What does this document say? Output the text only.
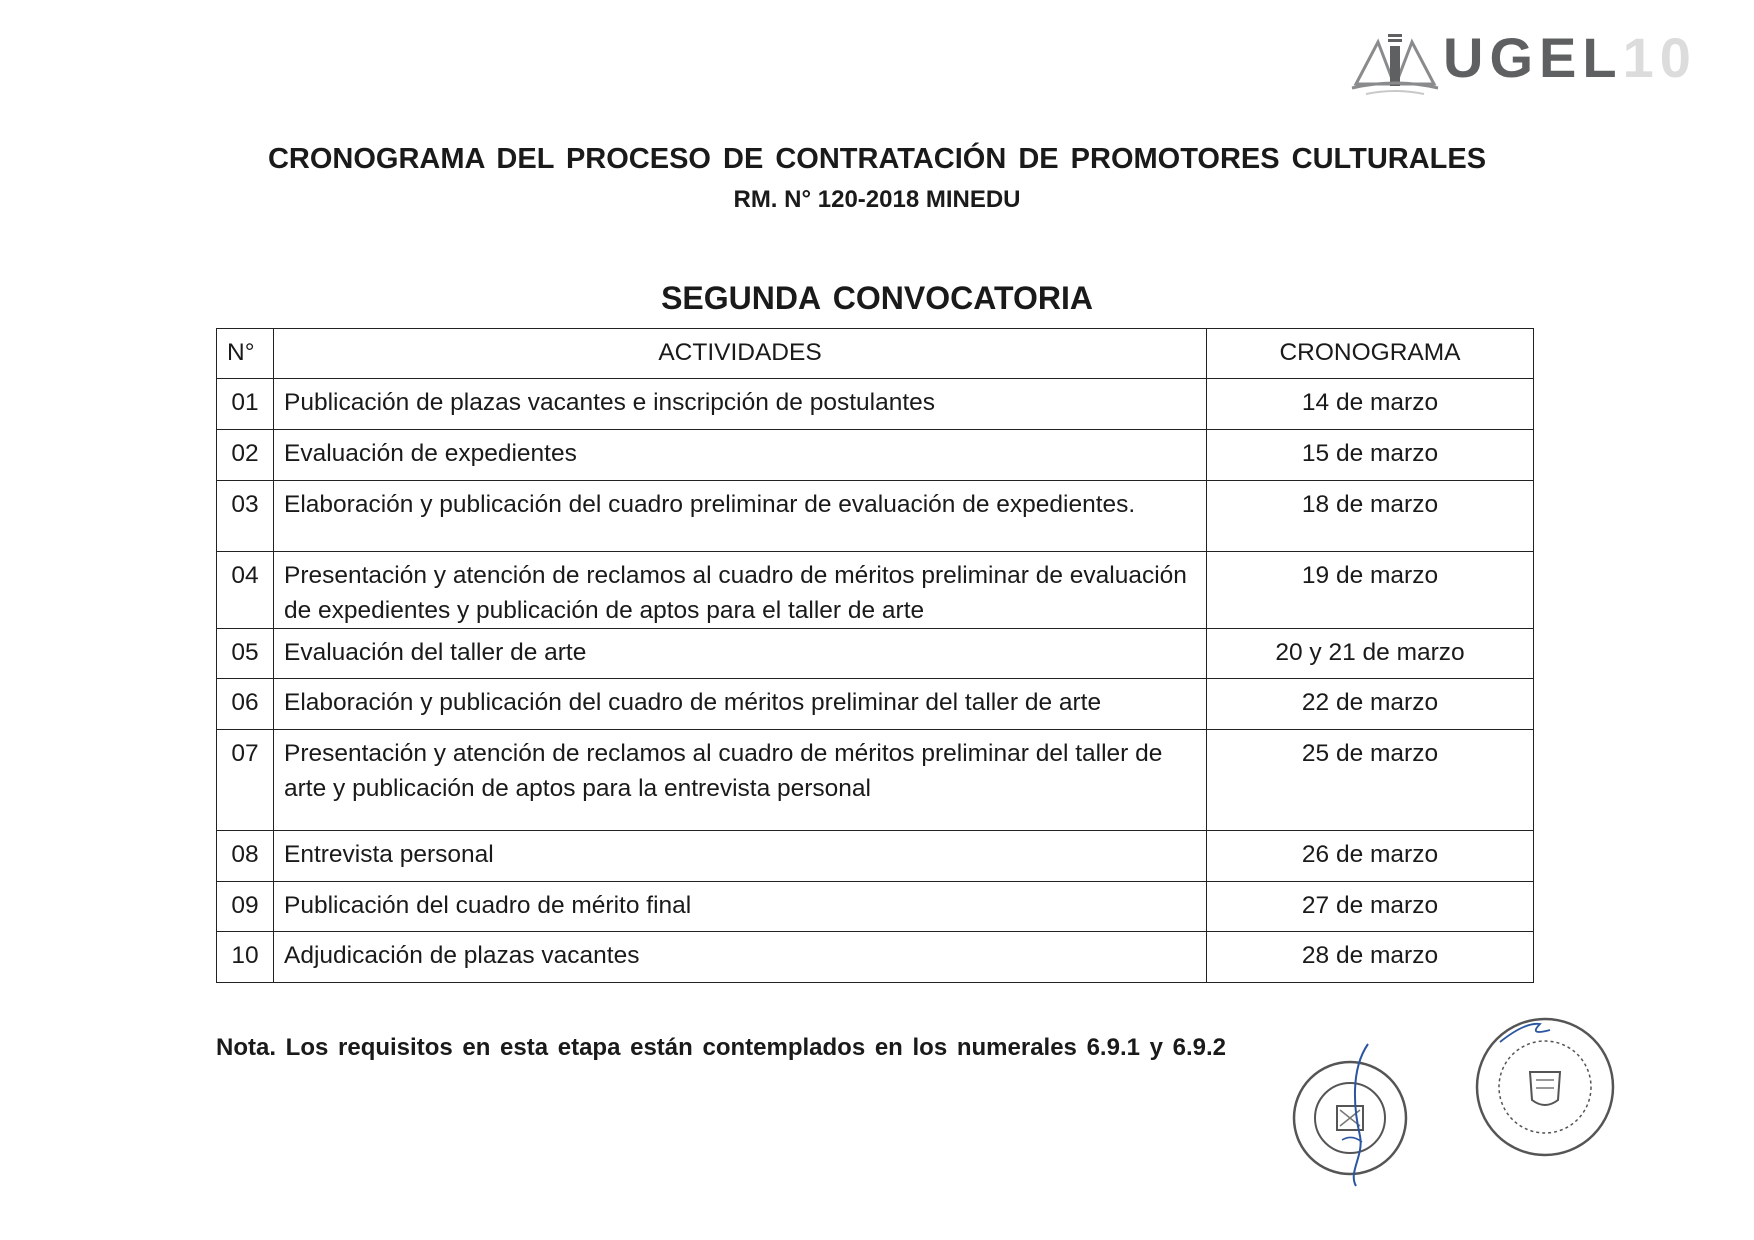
UGEL10
CRONOGRAMA DEL PROCESO DE CONTRATACIÓN DE PROMOTORES CULTURALES
RM. N° 120-2018 MINEDU
SEGUNDA CONVOCATORIA
N°	ACTIVIDADES	CRONOGRAMA
01	Publicación de plazas vacantes e inscripción de postulantes	14 de marzo
02	Evaluación de expedientes	15 de marzo
03	Elaboración y publicación del cuadro preliminar de evaluación de expedientes.	18 de marzo
04	Presentación y atención de reclamos al cuadro de méritos preliminar de evaluación de expedientes y publicación de aptos para el taller de arte	19 de marzo
05	Evaluación del taller de arte	20 y 21 de marzo
06	Elaboración y publicación del cuadro de méritos preliminar del taller de arte	22 de marzo
07	Presentación y atención de reclamos al cuadro de méritos preliminar del taller de arte y publicación de aptos para la entrevista personal	25 de marzo
08	Entrevista personal	26 de marzo
09	Publicación del cuadro de mérito final	27 de marzo
10	Adjudicación de plazas vacantes	28 de marzo
Nota. Los requisitos en esta etapa están contemplados en los numerales 6.9.1 y 6.9.2
